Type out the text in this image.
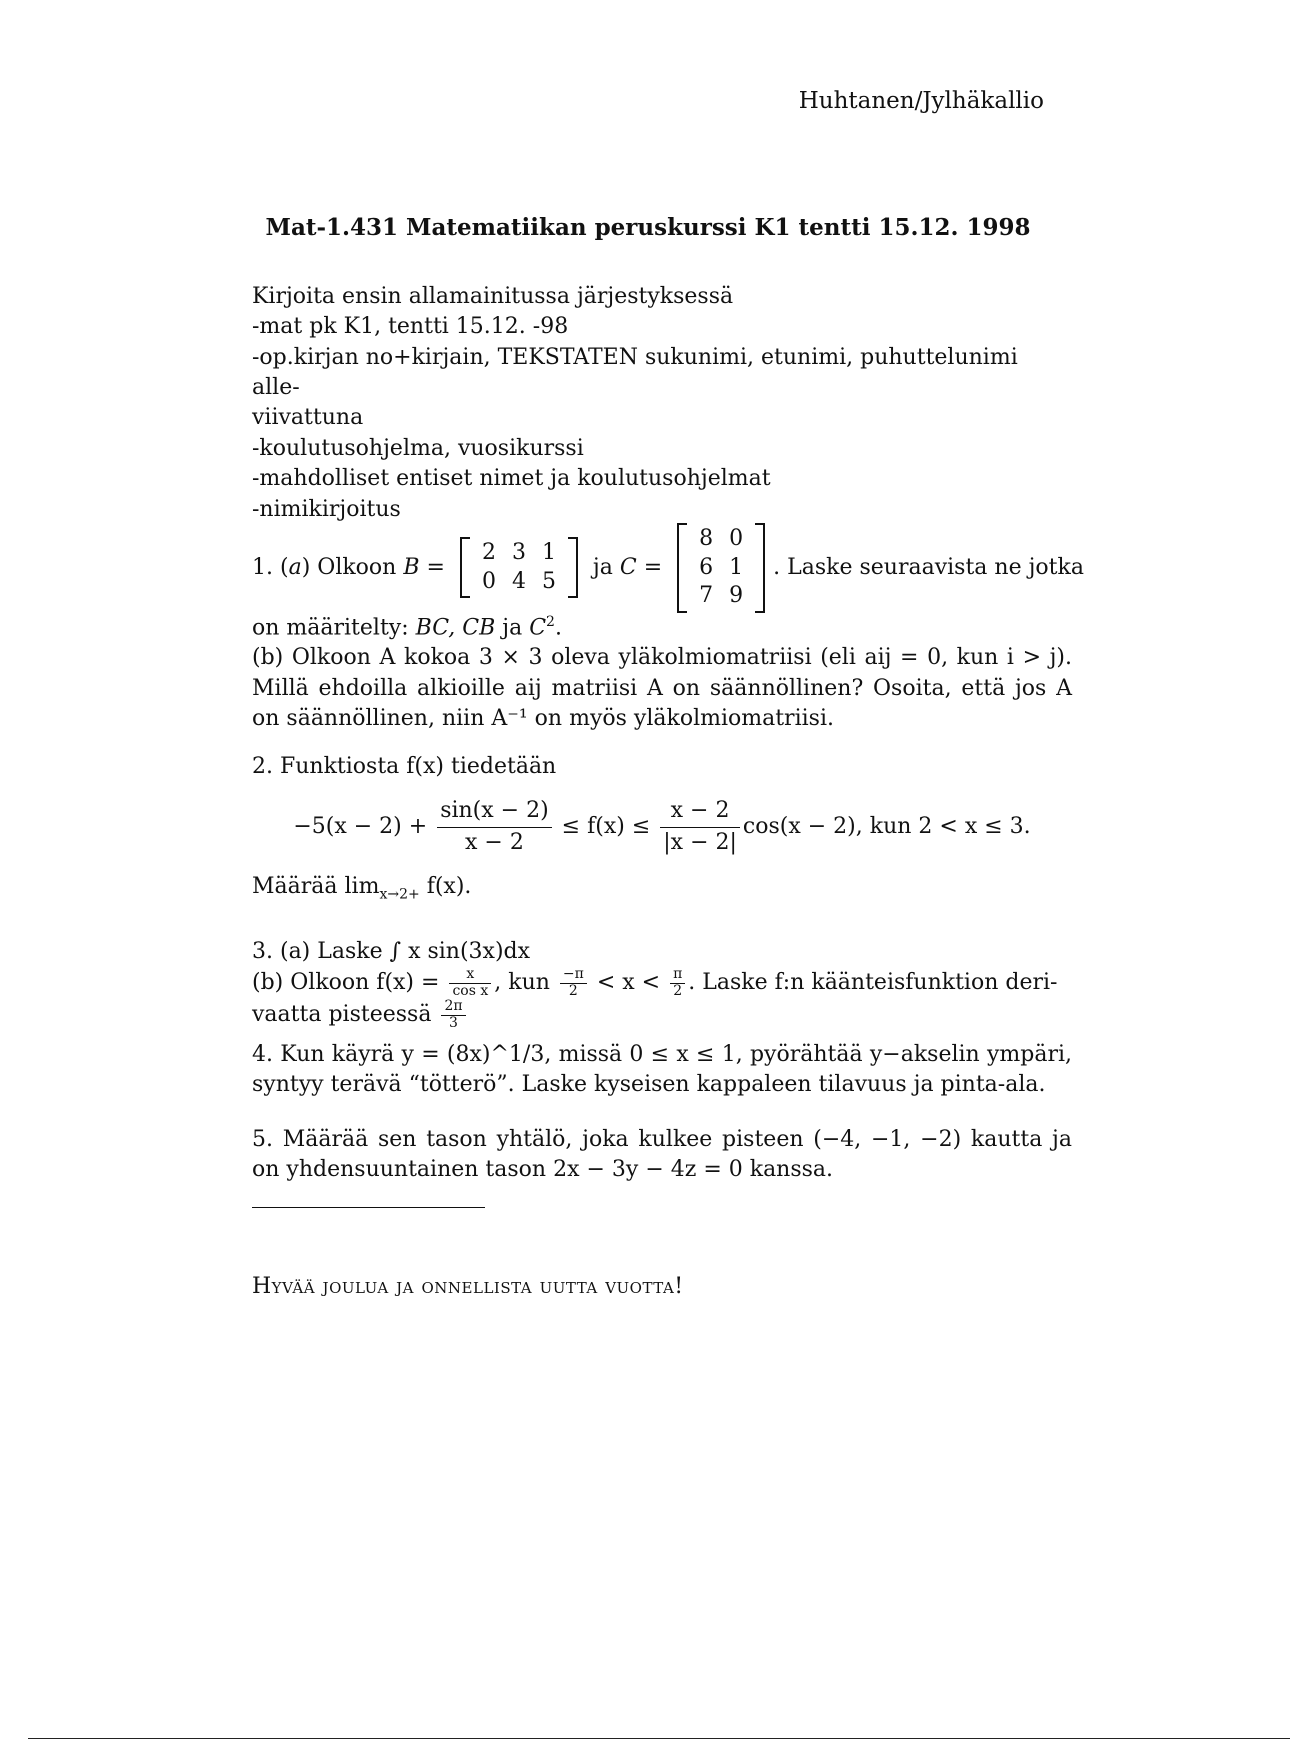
Huhtanen/Jylhäkallio
Mat-1.431 Matematiikan peruskurssi K1 tentti 15.12. 1998
Kirjoita ensin allamainitussa järjestyksessä
-mat pk K1, tentti 15.12. -98
-op.kirjan no+kirjain, TEKSTATEN sukunimi, etunimi, puhuttelunimi alle-
viivattuna
-koulutusohjelma, vuosikurssi
-mahdolliset entiset nimet ja koulutusohjelmat
-nimikirjoitus
1. (a) Olkoon B =
2	3	1
0	4	5
ja C =
8	0
6	1
7	9
. Laske seuraavista ne jotka
on määritelty: BC, CB ja $C^2$.
(b) Olkoon A kokoa 3 × 3 oleva yläkolmiomatriisi (eli aij = 0, kun i > j). Millä ehdoilla alkioille aij matriisi A on säännöllinen? Osoita, että jos A on säännöllinen, niin A⁻¹ on myös yläkolmiomatriisi.
2. Funktiosta f(x) tiedetään
$-5(x - 2) + \frac{\sin(x - 2)}{x - 2} \le f(x) \le \frac{x - 2}{|x - 2|} \cos(x - 2)$, kun 2 < x ≤ 3.
Määrää $\lim_{x\to 2+} f(x)$.
3. (a) Laske ∫ x sin(3x)dx
(b) Olkoon $f(x) = \frac{x}{\text{cos x}}$ , kun $\frac{-\pi}{2} < x < \frac{\pi}{2}$ . Laske f:n käänteisfunktion deri-
vaatta pisteessä $\frac{2\pi}{3}$
4. Kun käyrä y = (8x)^1/3, missä 0 ≤ x ≤ 1, pyörähtää y−akselin ympäri, syntyy terävä “tötterö”. Laske kyseisen kappaleen tilavuus ja pinta-ala.
5. Määrää sen tason yhtälö, joka kulkee pisteen (−4, −1, −2) kautta ja on yhdensuuntainen tason 2x − 3y − 4z = 0 kanssa.
Hyvää joulua ja onnellista uutta vuotta!
